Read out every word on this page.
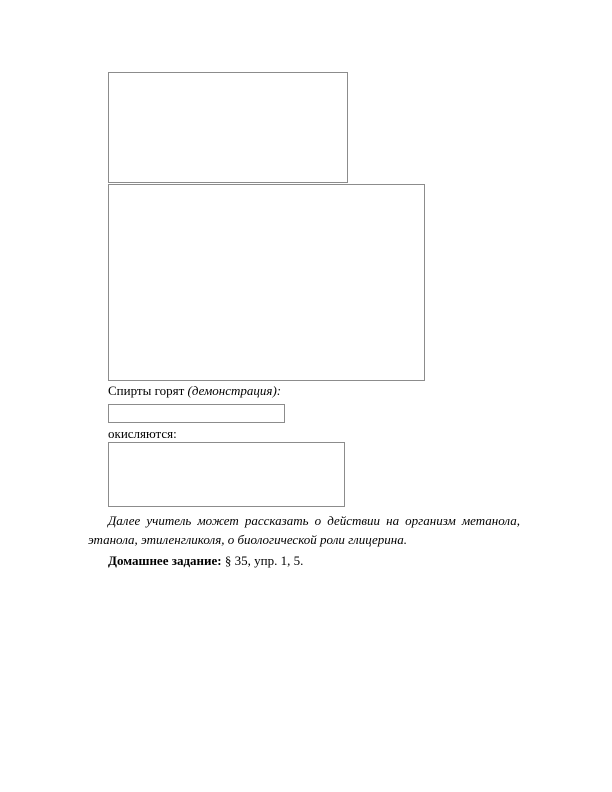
Спирты горят (демонстрация):
окисляются:
Далее учитель может рассказать о действии на организм метанола, этанола, этиленгликоля, о биологической роли глицерина.
Домашнее задание: § 35, упр. 1, 5.
